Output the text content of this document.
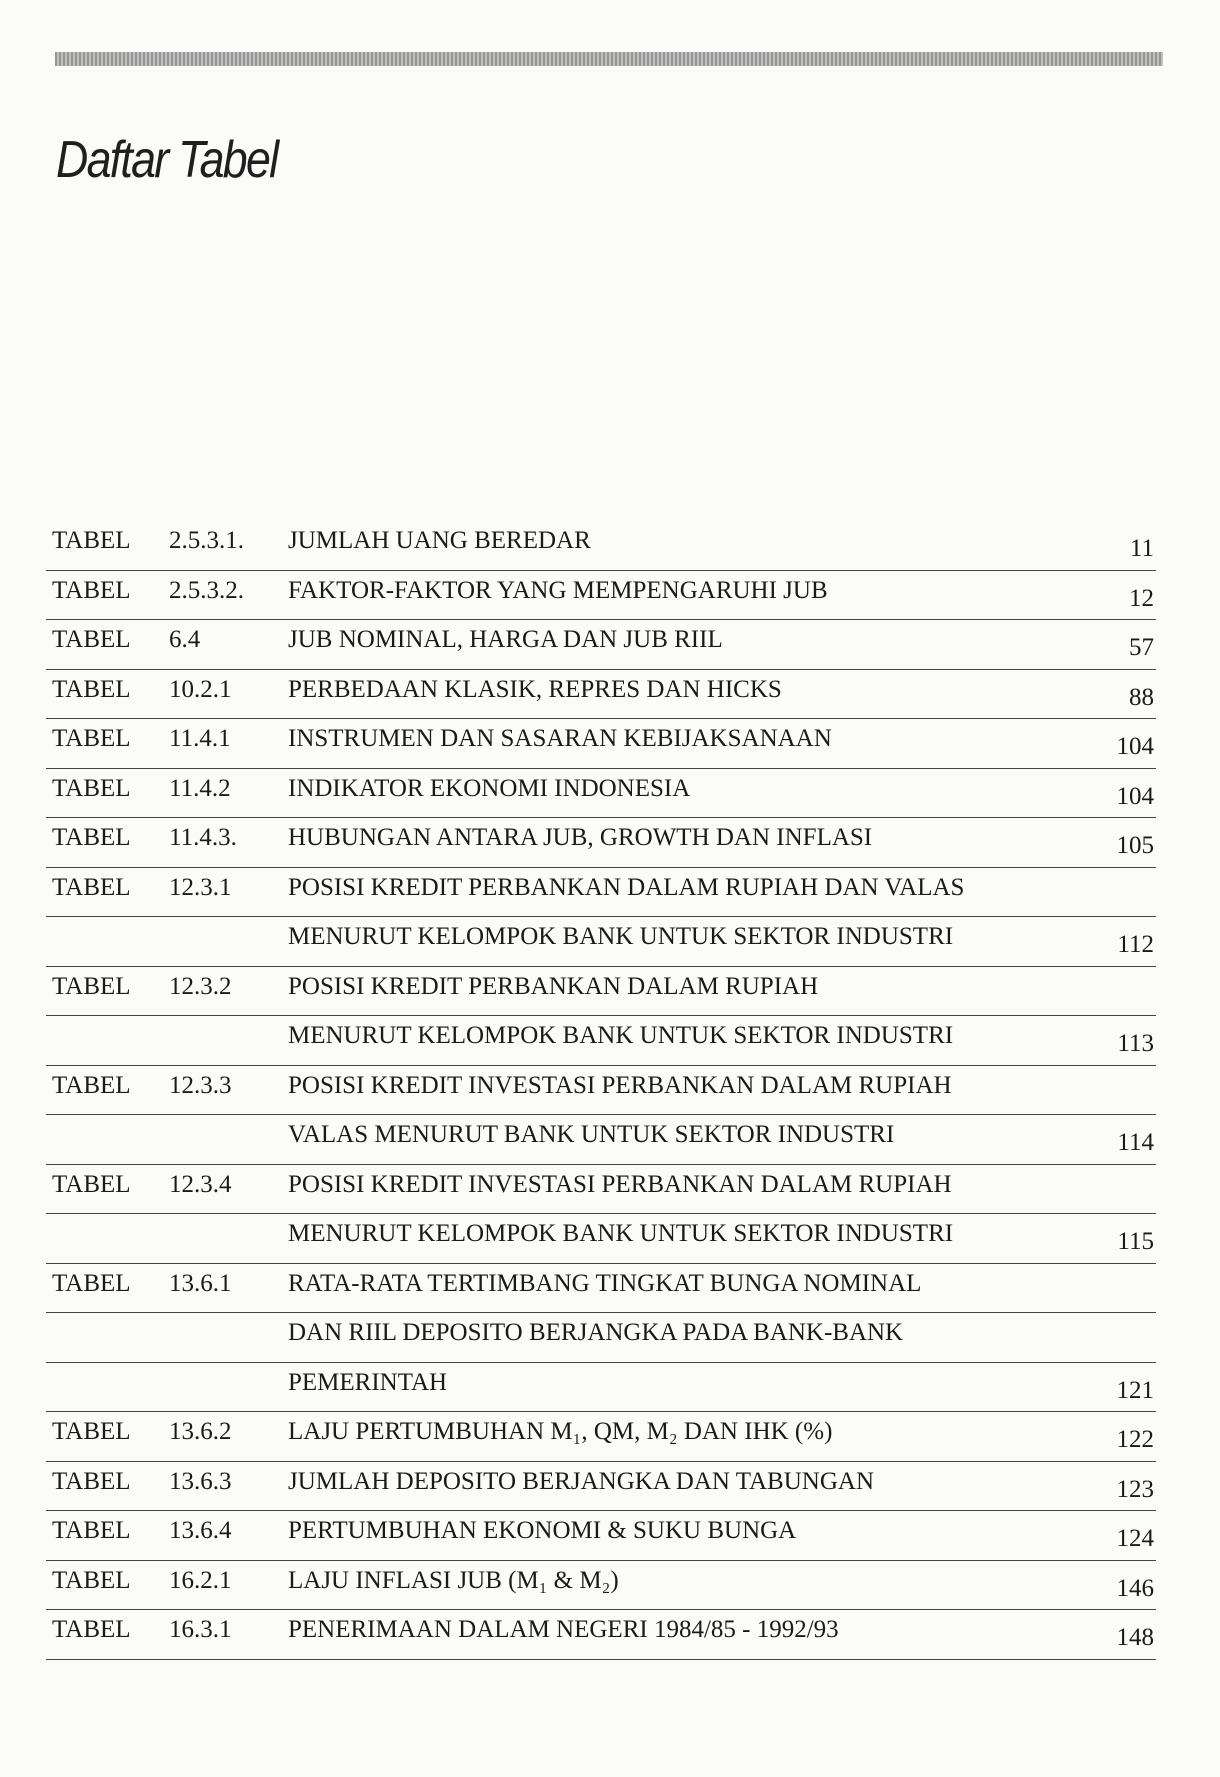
Daftar Tabel
TABEL 2.5.3.1. JUMLAH UANG BEREDAR	11
TABEL 2.5.3.2. FAKTOR-FAKTOR YANG MEMPENGARUHI JUB	12
TABEL 6.4	JUB NOMINAL, HARGA DAN JUB RIIL	57
TABEL 10.2.1 PERBEDAAN KLASIK, REPRES DAN HICKS	88
TABEL 11.4.1 INSTRUMEN DAN SASARAN KEBIJAKSANAAN	104
TABEL 11.4.2 INDIKATOR EKONOMI INDONESIA	104
TABEL 11.4.3. HUBUNGAN ANTARA JUB, GROWTH DAN INFLASI	105
TABEL 12.3.1 POSISI KREDIT PERBANKAN DALAM RUPIAH DAN VALAS
MENURUT KELOMPOK BANK UNTUK SEKTOR INDUSTRI	112
TABEL 12.3.2 POSISI KREDIT PERBANKAN DALAM RUPIAH
MENURUT KELOMPOK BANK UNTUK SEKTOR INDUSTRI	113
TABEL 12.3.3 POSISI KREDIT INVESTASI PERBANKAN DALAM RUPIAH
VALAS MENURUT BANK UNTUK SEKTOR INDUSTRI	114
TABEL 12.3.4 POSISI KREDIT INVESTASI PERBANKAN DALAM RUPIAH
MENURUT KELOMPOK BANK UNTUK SEKTOR INDUSTRI	115
TABEL 13.6.1 RATA-RATA TERTIMBANG TINGKAT BUNGA NOMINAL
DAN RIIL DEPOSITO BERJANGKA PADA BANK-BANK
PEMERINTAH	121
TABEL 13.6.2 LAJU PERTUMBUHAN M₁, QM, M₂ DAN IHK (%)	122
TABEL 13.6.3 JUMLAH DEPOSITO BERJANGKA DAN TABUNGAN	123
TABEL 13.6.4 PERTUMBUHAN EKONOMI & SUKU BUNGA	124
TABEL 16.2.1 LAJU INFLASI JUB (M₁ & M₂)	146
TABEL 16.3.1 PENERIMAAN DALAM NEGERI 1984/85 - 1992/93	148
